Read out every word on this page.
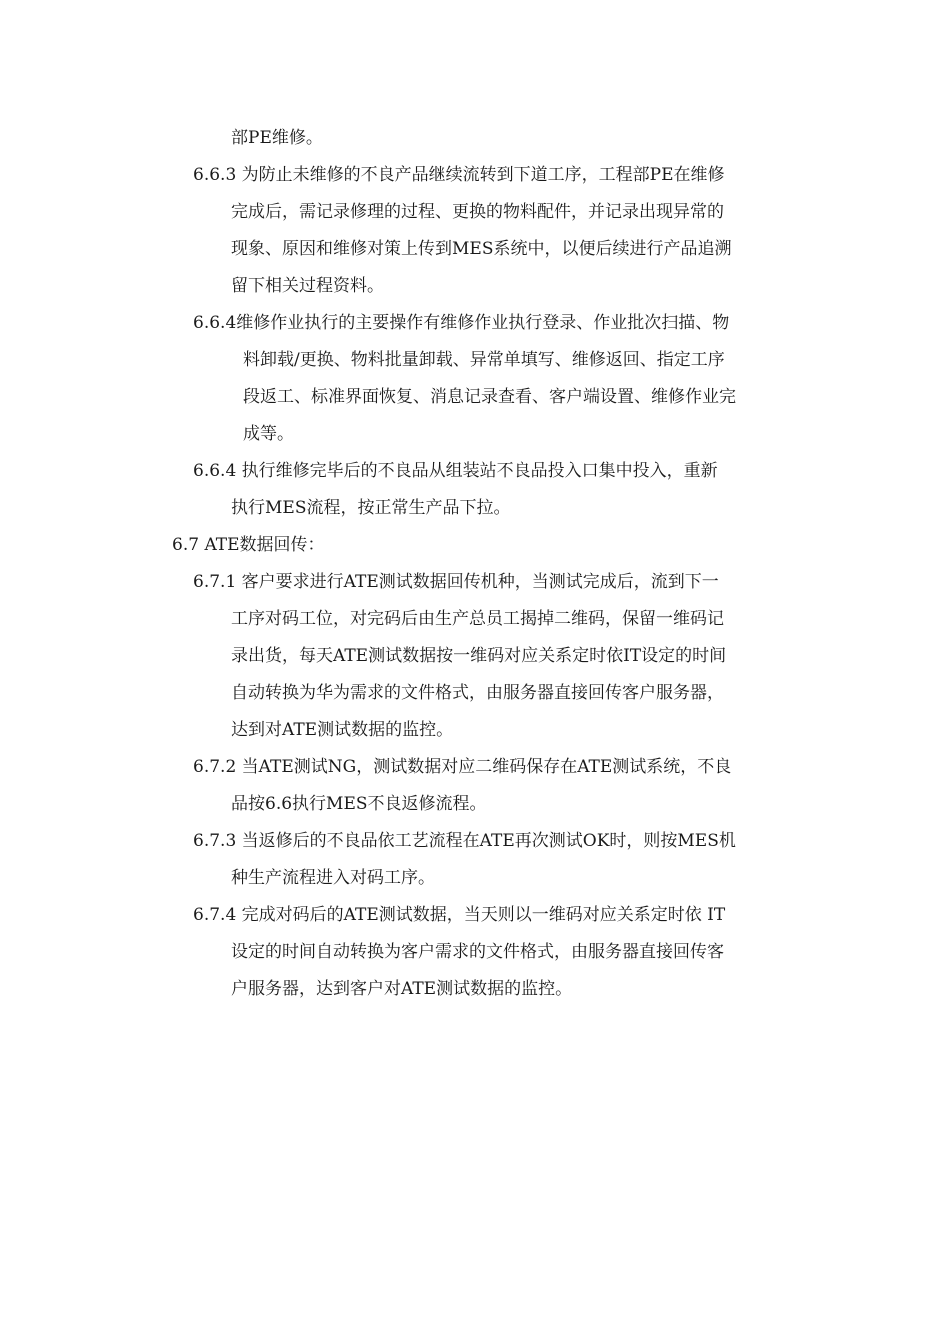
部PE维修。
6.6.3 为防止未维修的不良产品继续流转到下道工序，工程部PE在维修
完成后，需记录修理的过程、更换的物料配件，并记录出现异常的
现象、原因和维修对策上传到MES系统中，以便后续进行产品追溯
留下相关过程资料。
6.6.4维修作业执行的主要操作有维修作业执行登录、作业批次扫描、物
料卸载/更换、物料批量卸载、异常单填写、维修返回、指定工序
段返工、标准界面恢复、消息记录查看、客户端设置、维修作业完
成等。
6.6.4 执行维修完毕后的不良品从组装站不良品投入口集中投入，重新
执行MES流程，按正常生产品下拉。
6.7 ATE数据回传：
6.7.1 客户要求进行ATE测试数据回传机种，当测试完成后，流到下一
工序对码工位，对完码后由生产总员工揭掉二维码，保留一维码记
录出货，每天ATE测试数据按一维码对应关系定时依IT设定的时间
自动转换为华为需求的文件格式，由服务器直接回传客户服务器，
达到对ATE测试数据的监控。
6.7.2 当ATE测试NG，测试数据对应二维码保存在ATE测试系统，不良
品按6.6执行MES不良返修流程。
6.7.3 当返修后的不良品依工艺流程在ATE再次测试OK时，则按MES机
种生产流程进入对码工序。
6.7.4 完成对码后的ATE测试数据，当天则以一维码对应关系定时依 IT
设定的时间自动转换为客户需求的文件格式，由服务器直接回传客
户服务器，达到客户对ATE测试数据的监控。
